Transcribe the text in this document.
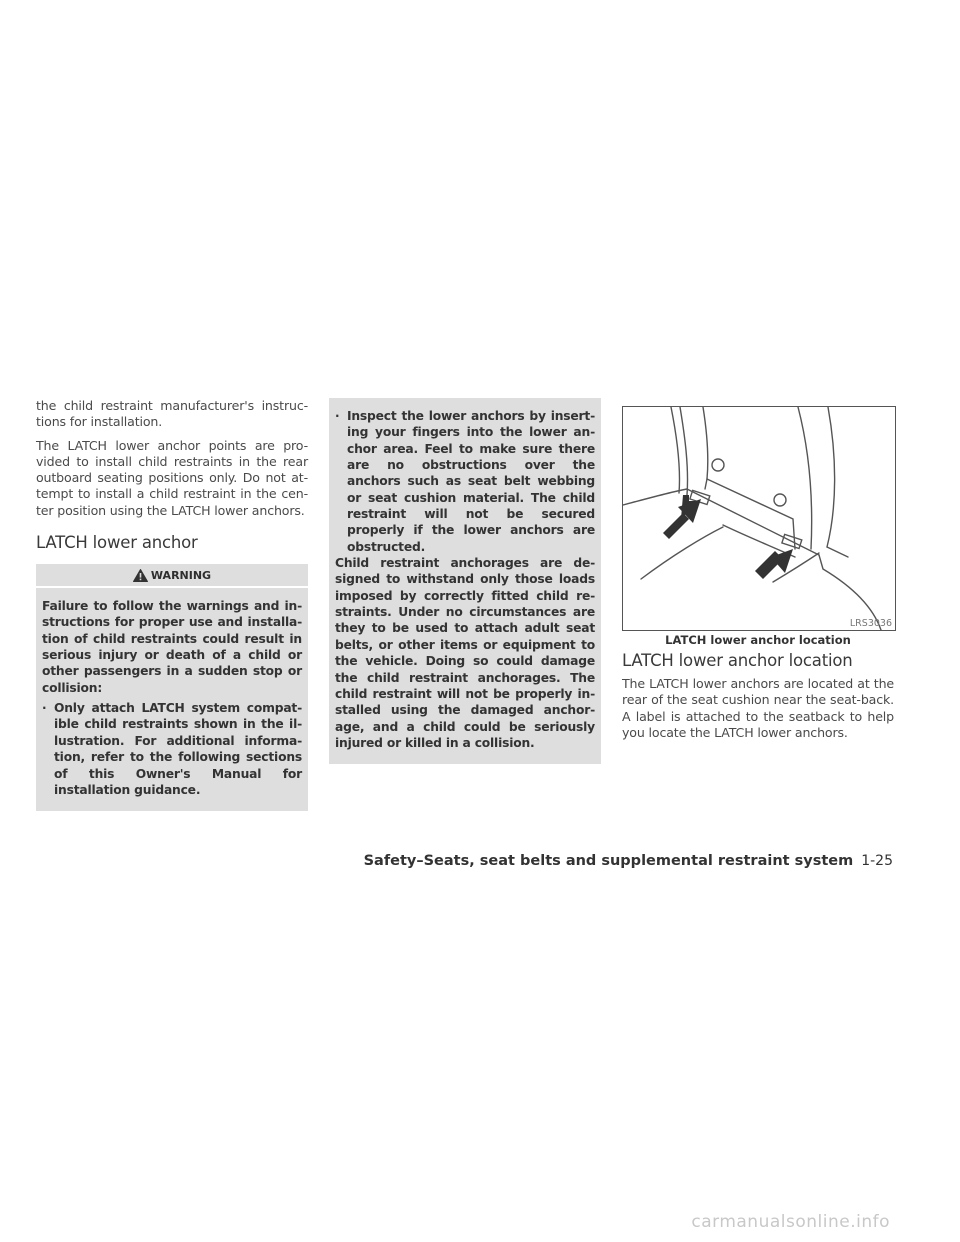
the child restraint manufacturer's instruc-tions for installation.

The LATCH lower anchor points are pro-vided to install child restraints in the rear outboard seating positions only. Do not at-tempt to install a child restraint in the cen-ter position using the LATCH lower anchors.

LATCH lower anchor
WARNING

Failure to follow the warnings and in-structions for proper use and installa-tion of child restraints could result in serious injury or death of a child or other passengers in a sudden stop or collision:

· Only attach LATCH system compat-ible child restraints shown in the il-lustration. For additional informa-tion, refer to the following sections of this Owner's Manual for installation guidance.

· Inspect the lower anchors by insert-ing your fingers into the lower an-chor area. Feel to make sure there are no obstructions over the anchors such as seat belt webbing or seat cushion material. The child restraint will not be secured properly if the lower anchors are obstructed.

Child restraint anchorages are de-signed to withstand only those loads imposed by correctly fitted child re-straints. Under no circumstances are they to be used to attach adult seat belts, or other items or equipment to the vehicle. Doing so could damage the child restraint anchorages. The child restraint will not be properly in-stalled using the damaged anchor-age, and a child could be seriously injured or killed in a collision.

LRS3036

LATCH lower anchor location

LATCH lower anchor location

The LATCH lower anchors are located at the rear of the seat cushion near the seat-back. A label is attached to the seatback to help you locate the LATCH lower anchors.

Safety–Seats, seat belts and supplemental restraint system 1-25
carmanualsonline.info
